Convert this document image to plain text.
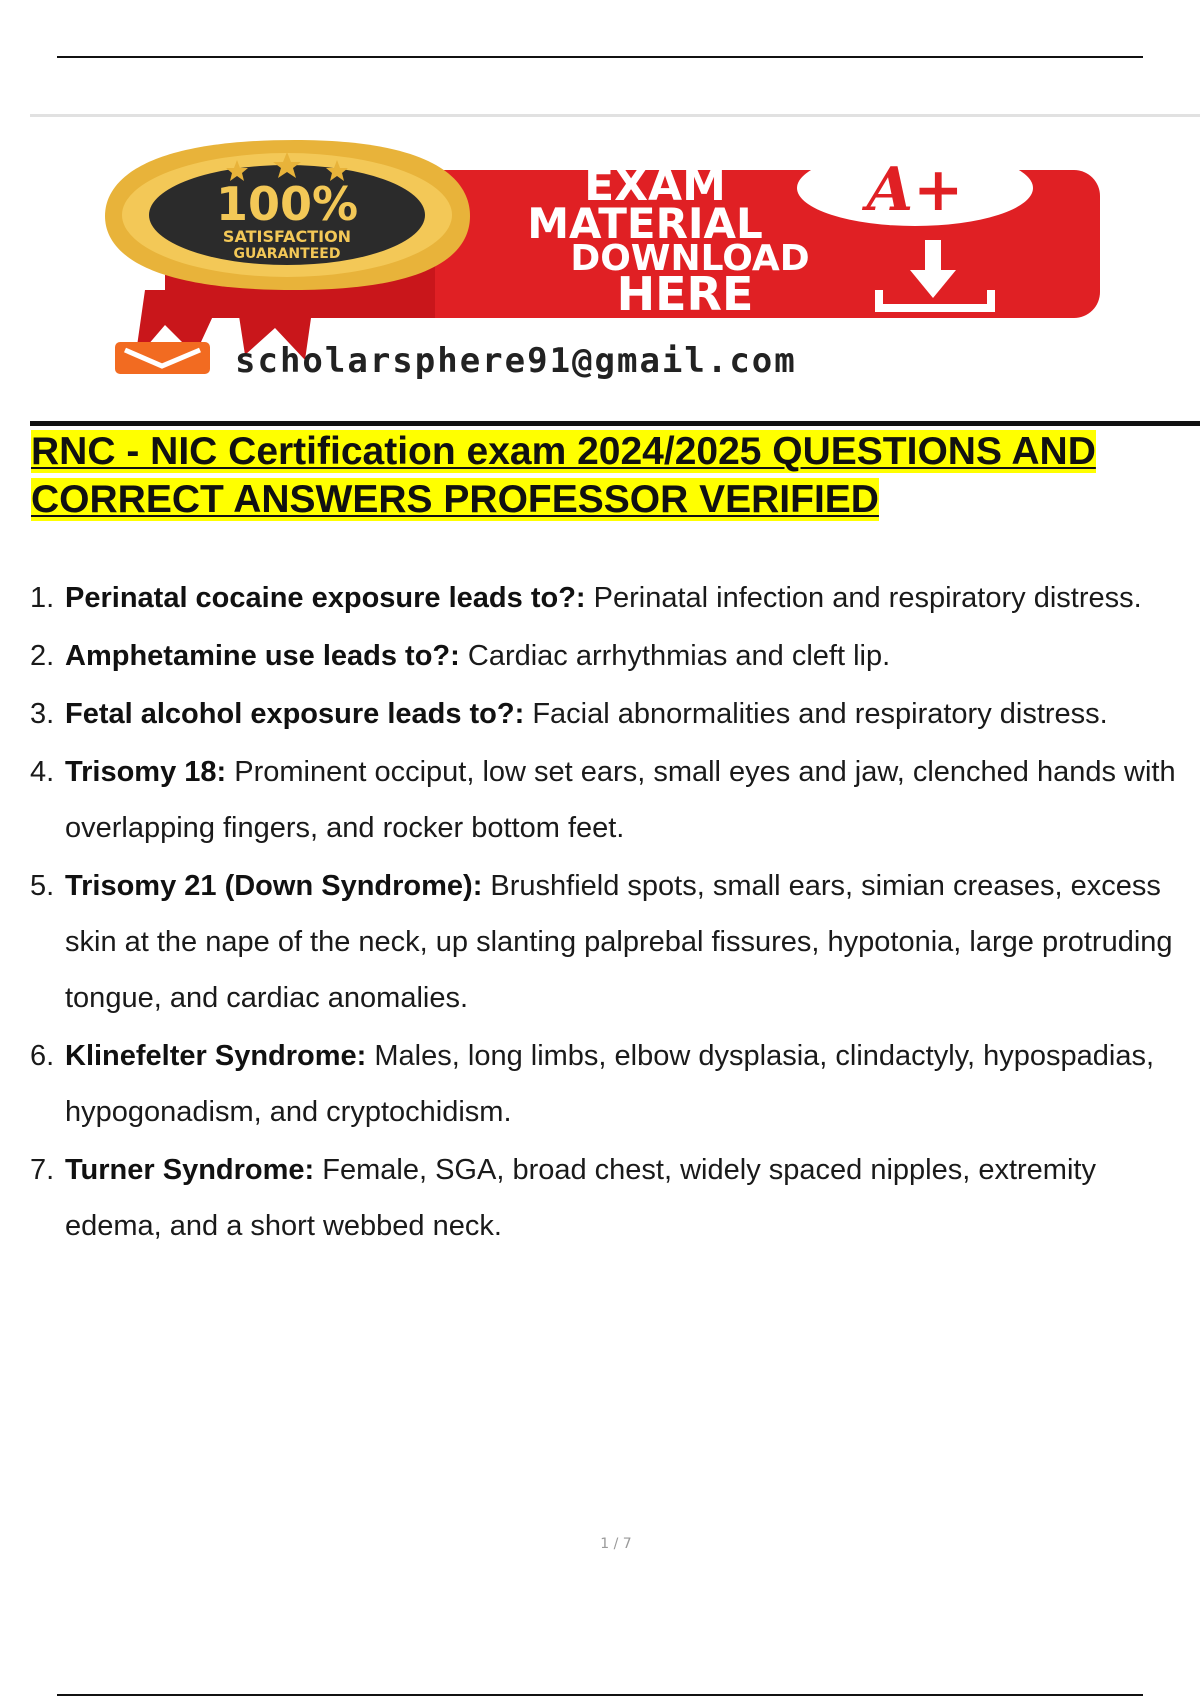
100%
SATISFACTION
GUARANTEED
EXAM
MATERIAL
DOWNLOAD
HERE
A+
scholarsphere91@gmail.com
RNC - NIC Certification exam 2024/2025 QUESTIONS AND CORRECT ANSWERS PROFESSOR VERIFIED
1. Perinatal cocaine exposure leads to?: Perinatal infection and respiratory distress.
2. Amphetamine use leads to?: Cardiac arrhythmias and cleft lip.
3. Fetal alcohol exposure leads to?: Facial abnormalities and respiratory distress.
4. Trisomy 18: Prominent occiput, low set ears, small eyes and jaw, clenched hands with overlapping fingers, and rocker bottom feet.
5. Trisomy 21 (Down Syndrome): Brushfield spots, small ears, simian creases, excess skin at the nape of the neck, up slanting palprebal fissures, hypotonia, large protruding tongue, and cardiac anomalies.
6. Klinefelter Syndrome: Males, long limbs, elbow dysplasia, clindactyly, hypospadias, hypogonadism, and cryptochidism.
7. Turner Syndrome: Female, SGA, broad chest, widely spaced nipples, extremity edema, and a short webbed neck.
1 / 7
